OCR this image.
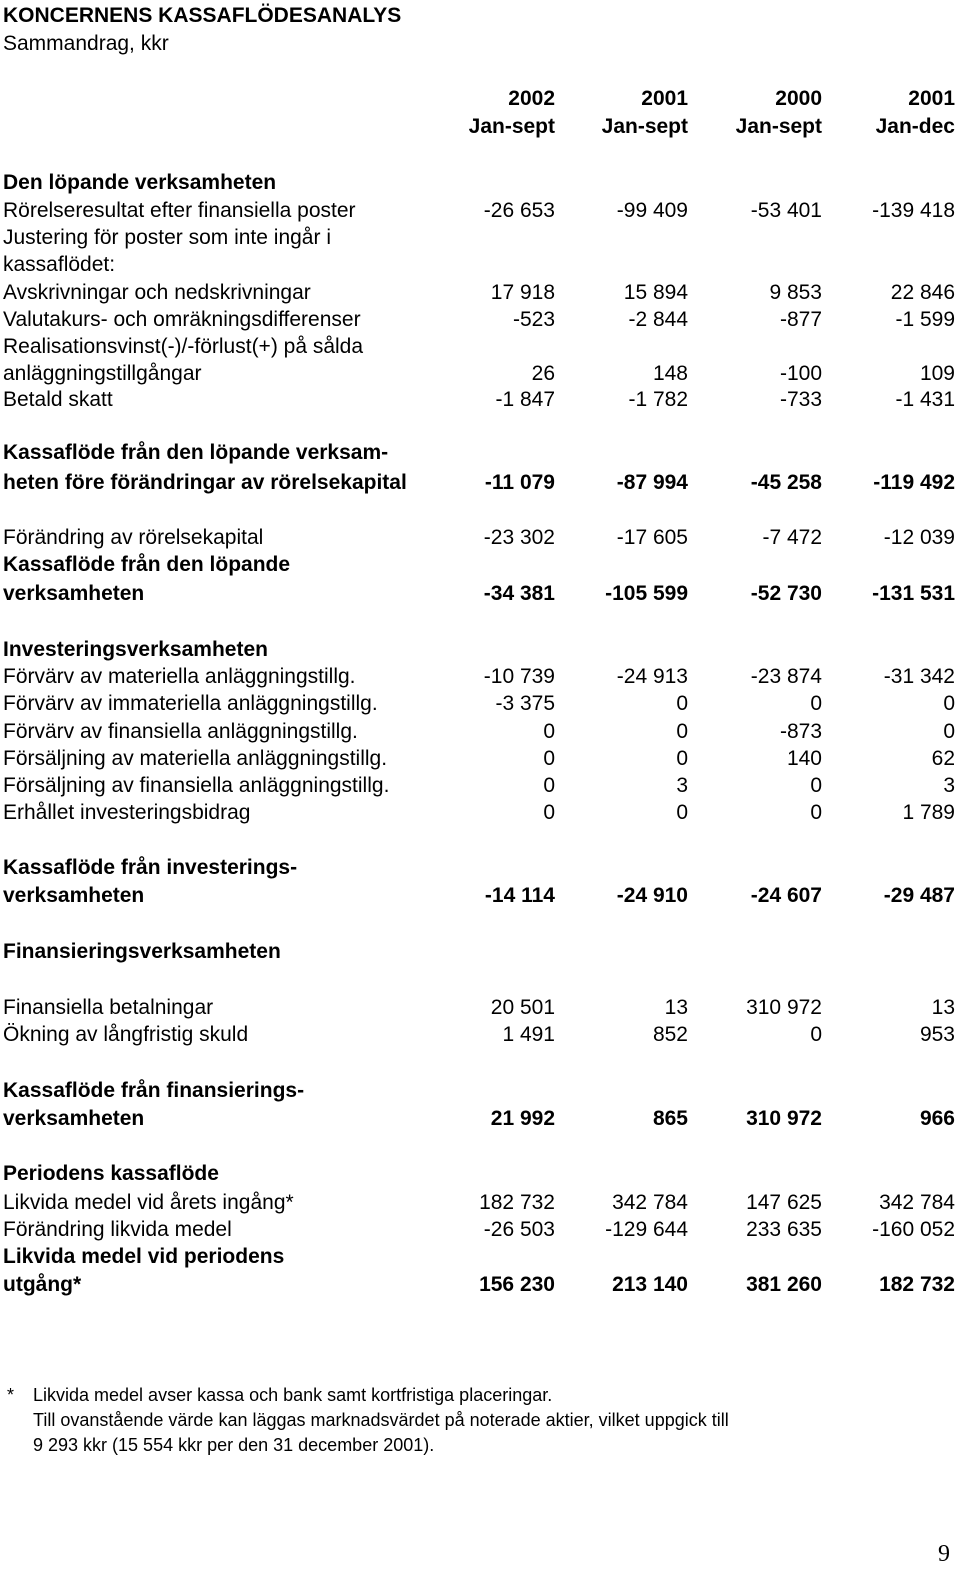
KONCERNENS KASSAFLÖDESANALYS
Sammandrag, kkr
2002	2001	2000	2001
Jan-sept	Jan-sept	Jan-sept	Jan-dec
Den löpande verksamheten
Rörelseresultat efter finansiella poster	-26 653	-99 409	-53 401	-139 418
Justering för poster som inte ingår i
kassaflödet:
Avskrivningar och nedskrivningar	17 918	15 894	9 853	22 846
Valutakurs- och omräkningsdifferenser	-523	-2 844	-877	-1 599
Realisationsvinst(-)/-förlust(+) på sålda
anläggningstillgångar	26	148	-100	109
Betald skatt	-1 847	-1 782	-733	-1 431
Kassaflöde från den löpande verksam-
heten före förändringar av rörelsekapital	-11 079	-87 994	-45 258	-119 492
Förändring av rörelsekapital	-23 302	-17 605	-7 472	-12 039
Kassaflöde från den löpande
verksamheten	-34 381	-105 599	-52 730	-131 531
Investeringsverksamheten
Förvärv av materiella anläggningstillg.	-10 739	-24 913	-23 874	-31 342
Förvärv av immateriella anläggningstillg.	-3 375	0	0	0
Förvärv av finansiella anläggningstillg.	0	0	-873	0
Försäljning av materiella anläggningstillg.	0	0	140	62
Försäljning av finansiella anläggningstillg.	0	3	0	3
Erhållet investeringsbidrag	0	0	0	1 789
Kassaflöde från investerings-
verksamheten	-14 114	-24 910	-24 607	-29 487
Finansieringsverksamheten
Finansiella betalningar	20 501	13	310 972	13
Ökning av långfristig skuld	1 491	852	0	953
Kassaflöde från finansierings-
verksamheten	21 992	865	310 972	966
Periodens kassaflöde
Likvida medel vid årets ingång*	182 732	342 784	147 625	342 784
Förändring likvida medel	-26 503	-129 644	233 635	-160 052
Likvida medel vid periodens
utgång*	156 230	213 140	381 260	182 732
* Likvida medel avser kassa och bank samt kortfristiga placeringar.
Till ovanstående värde kan läggas marknadsvärdet på noterade aktier, vilket uppgick till
9 293 kkr (15 554 kkr per den 31 december 2001).
9
